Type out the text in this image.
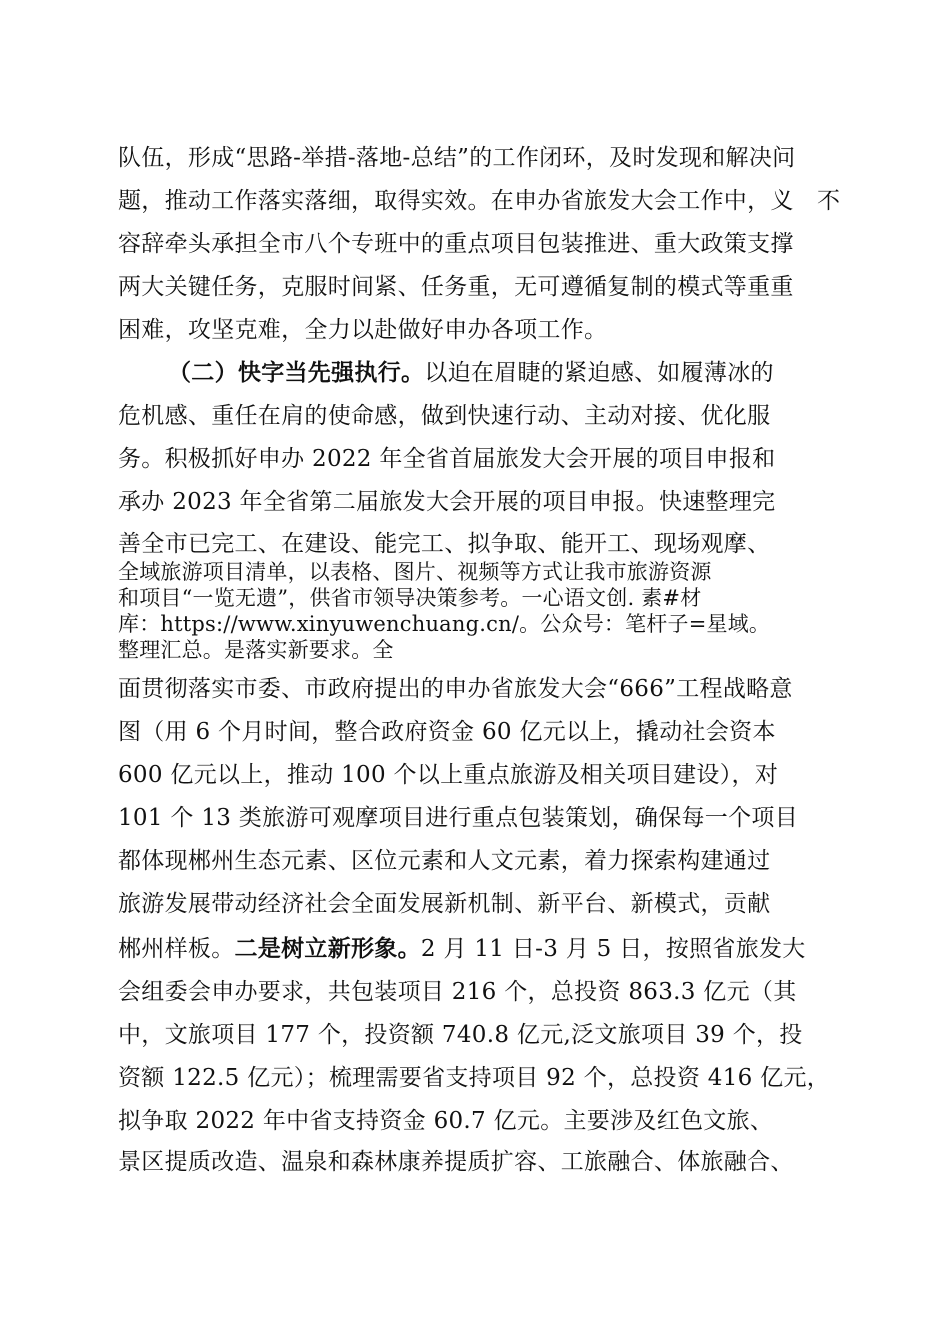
队伍，形成“思路-举措-落地-总结”的工作闭环，及时发现和解决问
题，推动工作落实落细，取得实效。在申办省旅发大会工作中，义　不
容辞牵头承担全市八个专班中的重点项目包装推进、重大政策支撑
两大关键任务，克服时间紧、任务重，无可遵循复制的模式等重重
困难，攻坚克难，全力以赴做好申办各项工作。
（二）快字当先强执行。以迫在眉睫的紧迫感、如履薄冰的
危机感、重任在肩的使命感，做到快速行动、主动对接、优化服
务。积极抓好申办 2022 年全省首届旅发大会开展的项目申报和
承办 2023 年全省第二届旅发大会开展的项目申报。快速整理完
善全市已完工、在建设、能完工、拟争取、能开工、现场观摩、
全域旅游项目清单，以表格、图片、视频等方式让我市旅游资源
和项目“一览无遗”，供省市领导决策参考。一心语文创. 素#材
库：https://www.xinyuwenchuang.cn/。公众号：笔杆子=星域。
整理汇总。是落实新要求。全
面贯彻落实市委、市政府提出的申办省旅发大会“666”工程战略意
图（用 6 个月时间，整合政府资金 60 亿元以上，撬动社会资本
600 亿元以上，推动 100 个以上重点旅游及相关项目建设），对
101 个 13 类旅游可观摩项目进行重点包装策划，确保每一个项目
都体现郴州生态元素、区位元素和人文元素，着力探索构建通过
旅游发展带动经济社会全面发展新机制、新平台、新模式，贡献
郴州样板。二是树立新形象。2 月 11 日-3 月 5 日，按照省旅发大
会组委会申办要求，共包装项目 216 个，总投资 863.3 亿元（其
中，文旅项目 177 个，投资额 740.8 亿元,泛文旅项目 39 个，投
资额 122.5 亿元）；梳理需要省支持项目 92 个，总投资 416 亿元，
拟争取 2022 年中省支持资金 60.7 亿元。主要涉及红色文旅、
景区提质改造、温泉和森林康养提质扩容、工旅融合、体旅融合、
